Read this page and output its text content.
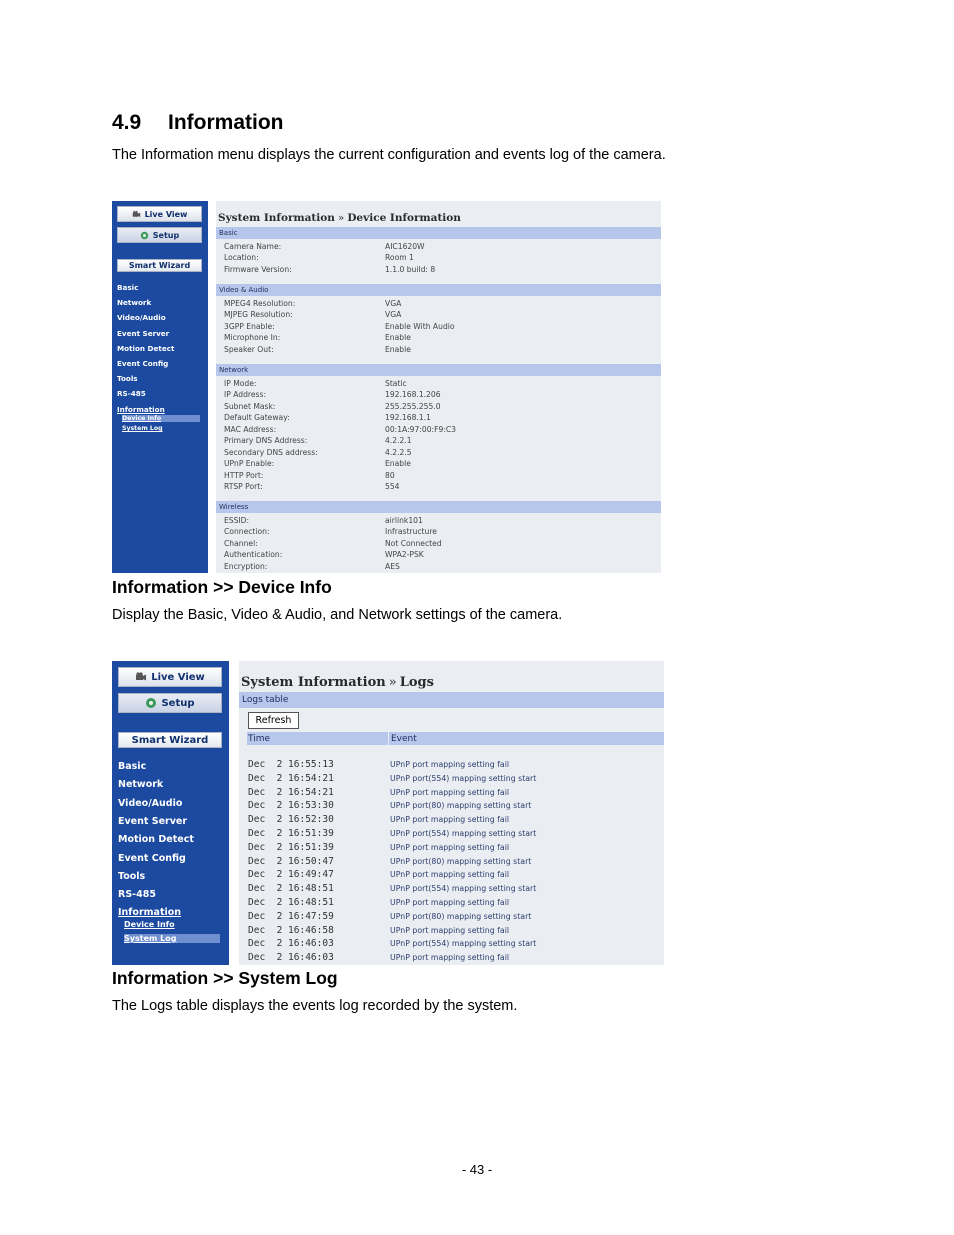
4.9 Information
The Information menu displays the current configuration and events log of the camera.
Live View
Setup
Smart Wizard
Basic
Network
Video/Audio
Event Server
Motion Detect
Event Config
Tools
RS-485
Information
Device Info
System Log
System Information » Device Information
Basic
Camera Name:	AIC1620W
Location:	Room 1
Firmware Version:	1.1.0 build: 8
Video & Audio
MPEG4 Resolution:	VGA
MJPEG Resolution:	VGA
3GPP Enable:	Enable With Audio
Microphone In:	Enable
Speaker Out:	Enable
Network
IP Mode:	Static
IP Address:	192.168.1.206
Subnet Mask:	255.255.255.0
Default Gateway:	192.168.1.1
MAC Address:	00:1A:97:00:F9:C3
Primary DNS Address:	4.2.2.1
Secondary DNS address:	4.2.2.5
UPnP Enable:	Enable
HTTP Port:	80
RTSP Port:	554
Wireless
ESSID:	airlink101
Connection:	Infrastructure
Channel:	Not Connected
Authentication:	WPA2-PSK
Encryption:	AES
Information >> Device Info
Display the Basic, Video & Audio, and Network settings of the camera.
Live View
Setup
Smart Wizard
Basic
Network
Video/Audio
Event Server
Motion Detect
Event Config
Tools
RS-485
Information
Device Info
System Log
System Information » Logs
Logs table
Refresh
Time	Event
Dec  2 16:55:13	UPnP port mapping setting fail
Dec  2 16:54:21	UPnP port(554) mapping setting start
Dec  2 16:54:21	UPnP port mapping setting fail
Dec  2 16:53:30	UPnP port(80) mapping setting start
Dec  2 16:52:30	UPnP port mapping setting fail
Dec  2 16:51:39	UPnP port(554) mapping setting start
Dec  2 16:51:39	UPnP port mapping setting fail
Dec  2 16:50:47	UPnP port(80) mapping setting start
Dec  2 16:49:47	UPnP port mapping setting fail
Dec  2 16:48:51	UPnP port(554) mapping setting start
Dec  2 16:48:51	UPnP port mapping setting fail
Dec  2 16:47:59	UPnP port(80) mapping setting start
Dec  2 16:46:58	UPnP port mapping setting fail
Dec  2 16:46:03	UPnP port(554) mapping setting start
Dec  2 16:46:03	UPnP port mapping setting fail
Information >> System Log
The Logs table displays the events log recorded by the system.
- 43 -
